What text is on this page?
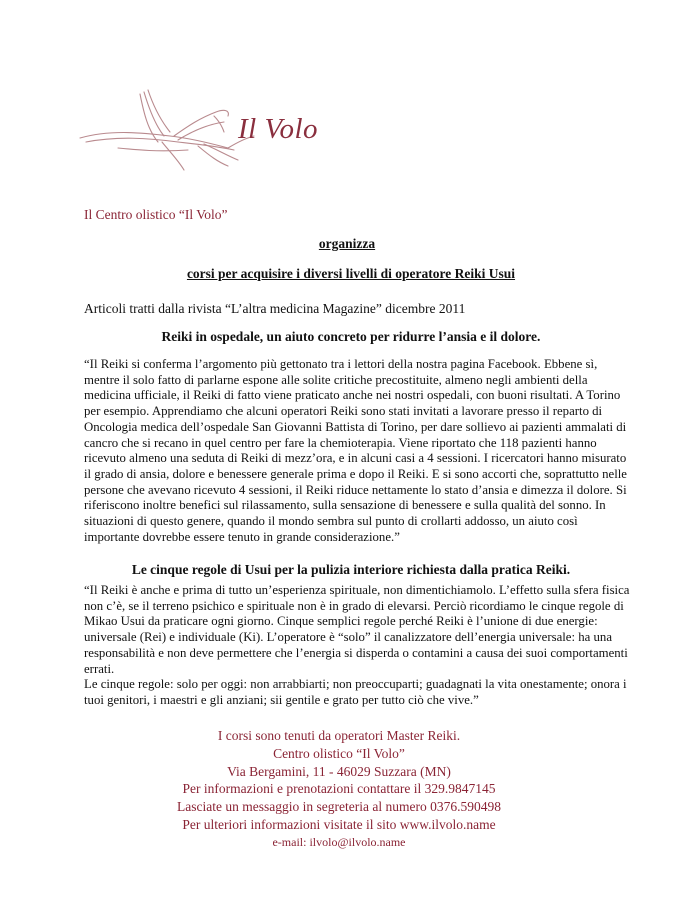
Il Volo
Il Centro olistico “Il Volo”
organizza
corsi per acquisire i diversi livelli di operatore Reiki Usui
Articoli tratti dalla rivista “L’altra medicina Magazine” dicembre 2011
Reiki in ospedale, un aiuto concreto per ridurre l’ansia e il dolore.

“Il Reiki si conferma l’argomento più gettonato tra i lettori della nostra pagina Facebook. Ebbene sì, mentre il solo fatto di parlarne espone alle solite critiche precostituite, almeno negli ambienti della medicina ufficiale, il Reiki di fatto viene praticato anche nei nostri ospedali, con buoni risultati. A Torino per esempio. Apprendiamo che alcuni operatori Reiki sono stati invitati a lavorare presso il reparto di Oncologia medica dell’ospedale San Giovanni Battista di Torino, per dare sollievo ai pazienti ammalati di cancro che si recano in quel centro per fare la chemioterapia. Viene riportato che 118 pazienti hanno ricevuto almeno una seduta di Reiki di mezz’ora, e in alcuni casi a 4 sessioni. I ricercatori hanno misurato il grado di ansia, dolore e benessere generale prima e dopo il Reiki. E si sono accorti che, soprattutto nelle persone che avevano ricevuto 4 sessioni, il Reiki riduce nettamente lo stato d’ansia e dimezza il dolore. Si riferiscono inoltre benefici sul rilassamento, sulla sensazione di benessere e sulla qualità del sonno. In situazioni di questo genere, quando il mondo sembra sul punto di crollarti addosso, un aiuto così importante dovrebbe essere tenuto in grande considerazione.”

Le cinque regole di Usui per la pulizia interiore richiesta dalla pratica Reiki.
“Il Reiki è anche e prima di tutto un’esperienza spirituale, non dimentichiamolo. L’effetto sulla sfera fisica non c’è, se il terreno psichico e spirituale non è in grado di elevarsi. Perciò ricordiamo le cinque regole di Mikao Usui da praticare ogni giorno. Cinque semplici regole perché Reiki è l’unione di due energie: universale (Rei) e individuale (Ki). L’operatore è “solo” il canalizzatore dell’energia universale: ha una responsabilità e non deve permettere che l’energia si disperda o contamini a causa dei suoi comportamenti errati.
Le cinque regole: solo per oggi: non arrabbiarti; non preoccuparti; guadagnati la vita onestamente; onora i tuoi genitori, i maestri e gli anziani; sii gentile e grato per tutto ciò che vive.”
I corsi sono tenuti da operatori Master Reiki.
Centro olistico “Il Volo”
Via Bergamini, 11 - 46029 Suzzara (MN)
Per informazioni e prenotazioni contattare il 329.9847145
Lasciate un messaggio in segreteria al numero 0376.590498
Per ulteriori informazioni visitate il sito www.ilvolo.name
e-mail: ilvolo@ilvolo.name
